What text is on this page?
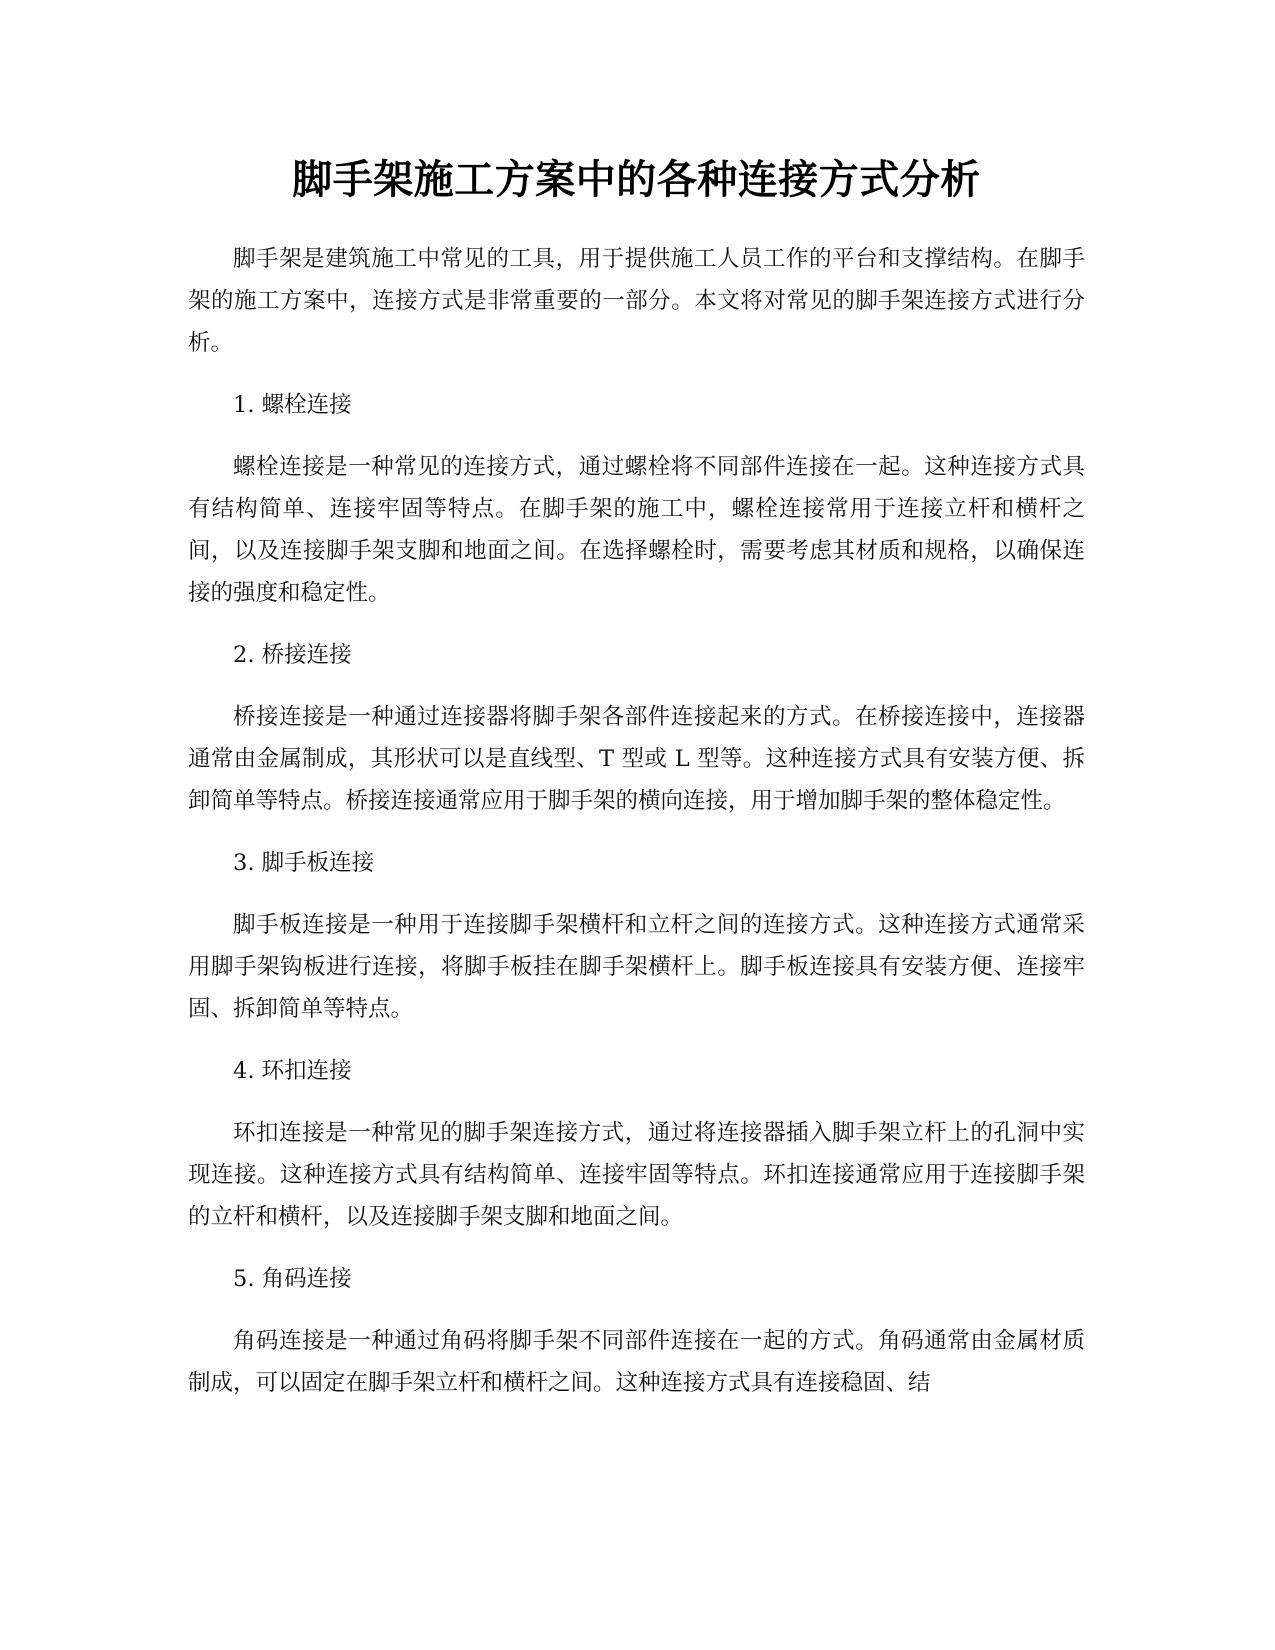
脚手架施工方案中的各种连接方式分析

脚手架是建筑施工中常见的工具，用于提供施工人员工作的平台和支撑结构。在脚手架的施工方案中，连接方式是非常重要的一部分。本文将对常见的脚手架连接方式进行分析。

1. 螺栓连接

螺栓连接是一种常见的连接方式，通过螺栓将不同部件连接在一起。这种连接方式具有结构简单、连接牢固等特点。在脚手架的施工中，螺栓连接常用于连接立杆和横杆之间，以及连接脚手架支脚和地面之间。在选择螺栓时，需要考虑其材质和规格，以确保连接的强度和稳定性。

2. 桥接连接

桥接连接是一种通过连接器将脚手架各部件连接起来的方式。在桥接连接中，连接器通常由金属制成，其形状可以是直线型、T 型或 L 型等。这种连接方式具有安装方便、拆卸简单等特点。桥接连接通常应用于脚手架的横向连接，用于增加脚手架的整体稳定性。

3. 脚手板连接

脚手板连接是一种用于连接脚手架横杆和立杆之间的连接方式。这种连接方式通常采用脚手架钩板进行连接，将脚手板挂在脚手架横杆上。脚手板连接具有安装方便、连接牢固、拆卸简单等特点。

4. 环扣连接

环扣连接是一种常见的脚手架连接方式，通过将连接器插入脚手架立杆上的孔洞中实现连接。这种连接方式具有结构简单、连接牢固等特点。环扣连接通常应用于连接脚手架的立杆和横杆，以及连接脚手架支脚和地面之间。

5. 角码连接

角码连接是一种通过角码将脚手架不同部件连接在一起的方式。角码通常由金属材质制成，可以固定在脚手架立杆和横杆之间。这种连接方式具有连接稳固、结
